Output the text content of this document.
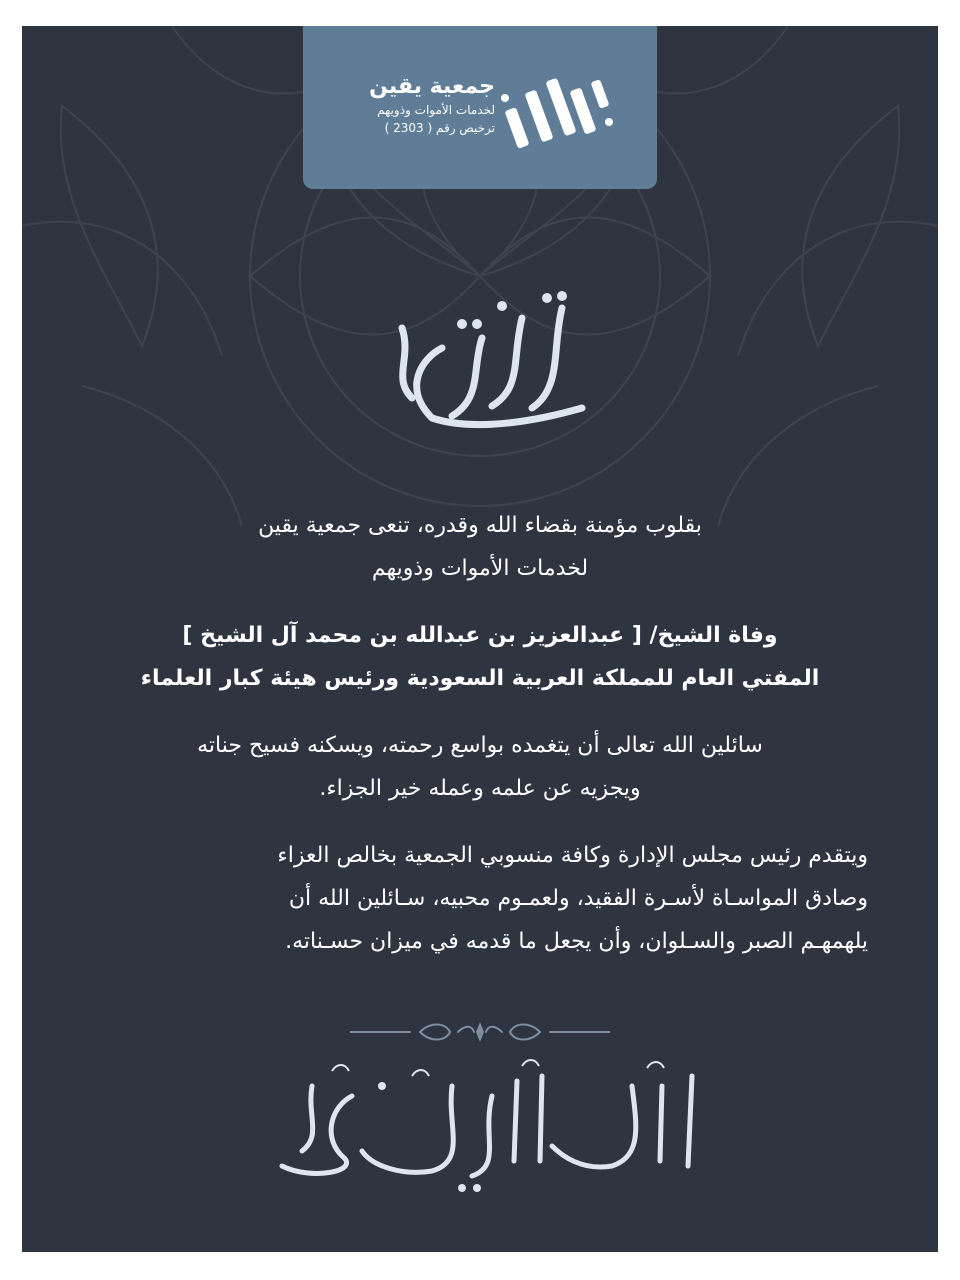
جمعية يقين
لخدمات الأموات وذويهم
ترخيص رقم ( 2303 )
بقلوب مؤمنة بقضاء الله وقدره، تنعى جمعية يقين
لخدمات الأموات وذويهم
وفاة الشيخ/ [ عبدالعزيز بن عبدالله بن محمد آل الشيخ ]
المفتي العام للمملكة العربية السعودية ورئيس هيئة كبار العلماء
سائلين الله تعالى أن يتغمده بواسع رحمته، ويسكنه فسيح جناته
ويجزيه عن علمه وعمله خير الجزاء.
ويتقدم رئيس مجلس الإدارة وكافة منسوبي الجمعية بخالص العزاء
وصادق المواسـاة لأسـرة الفقيد، ولعمـوم محبيه، سـائلين الله أن
يلهمهـم الصبر والسـلوان، وأن يجعل ما قدمه في ميزان حسـناته.
